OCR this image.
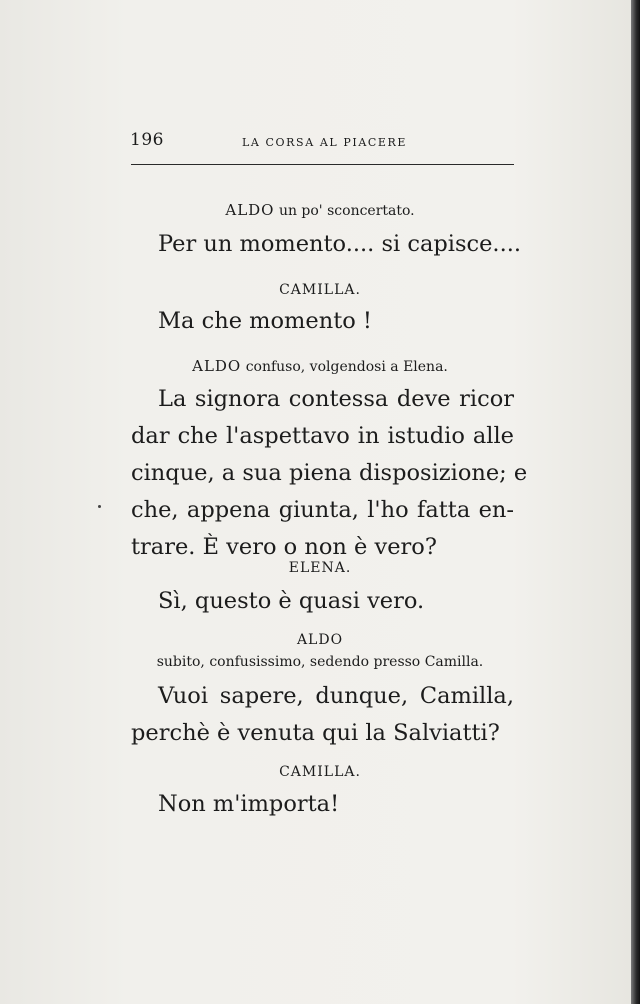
196	LA CORSA AL PIACERE
ALDO un po' sconcertato.
Per un momento.... si capisce....
CAMILLA.
Ma che momento !
ALDO confuso, volgendosi a Elena.
La signora contessa deve ricor
dar che l'aspettavo in istudio alle
cinque, a sua piena disposizione; e
che, appena giunta, l'ho fatta en-
trare. È vero o non è vero?
ELENA.
Sì, questo è quasi vero.
ALDO
subito, confusissimo, sedendo presso Camilla.
Vuoi sapere, dunque, Camilla,
perchè è venuta qui la Salviatti?
CAMILLA.
Non m'importa!
